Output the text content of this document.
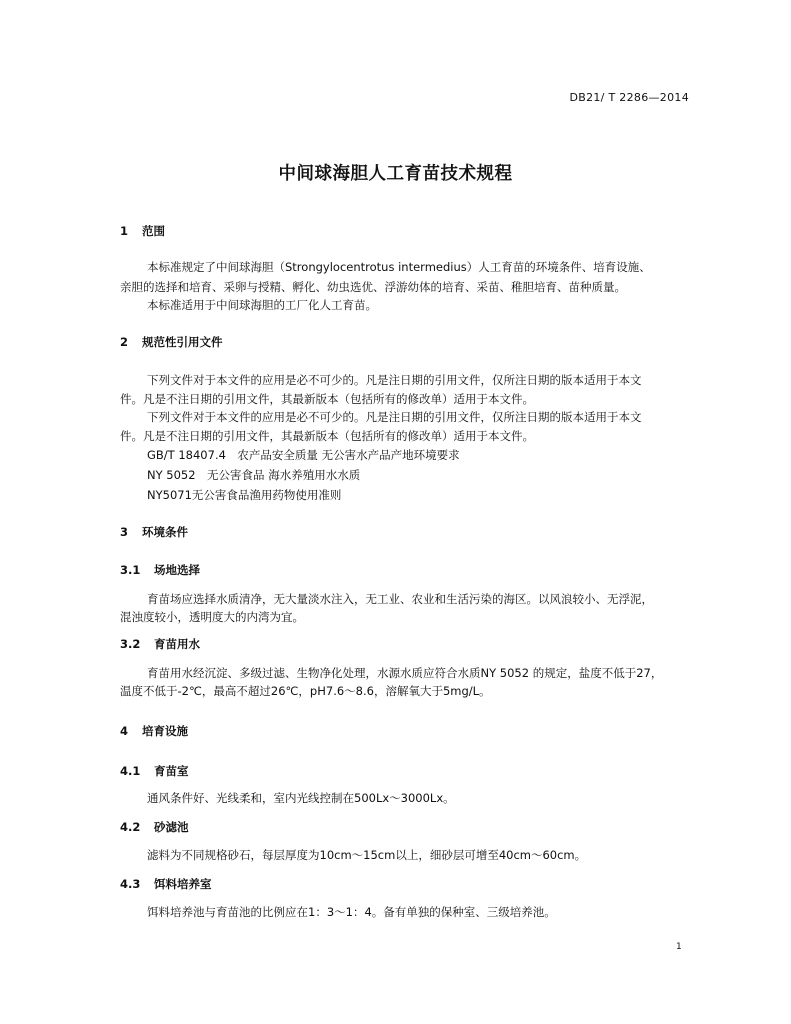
DB21/ T 2286—2014
中间球海胆人工育苗技术规程
1 范围
本标准规定了中间球海胆（Strongylocentrotus intermedius）人工育苗的环境条件、培育设施、
亲胆的选择和培育、采卵与授精、孵化、幼虫选优、浮游幼体的培育、采苗、稚胆培育、苗种质量。
本标准适用于中间球海胆的工厂化人工育苗。
2 规范性引用文件
下列文件对于本文件的应用是必不可少的。凡是注日期的引用文件，仅所注日期的版本适用于本文
件。凡是不注日期的引用文件，其最新版本（包括所有的修改单）适用于本文件。
下列文件对于本文件的应用是必不可少的。凡是注日期的引用文件，仅所注日期的版本适用于本文
件。凡是不注日期的引用文件，其最新版本（包括所有的修改单）适用于本文件。
GB/T 18407.4　农产品安全质量 无公害水产品产地环境要求
NY 5052　无公害食品 海水养殖用水水质
NY5071无公害食品渔用药物使用准则
3 环境条件
3.1 场地选择
育苗场应选择水质清净，无大量淡水注入，无工业、农业和生活污染的海区。以风浪较小、无浮泥，
混浊度较小，透明度大的内湾为宜。
3.2 育苗用水
育苗用水经沉淀、多级过滤、生物净化处理，水源水质应符合水质NY 5052 的规定，盐度不低于27，
温度不低于-2℃，最高不超过26℃，pH7.6～8.6，溶解氧大于5mg/L。
4 培育设施
4.1 育苗室
通风条件好、光线柔和，室内光线控制在500Lx～3000Lx。
4.2 砂滤池
滤料为不同规格砂石，每层厚度为10cm～15cm以上，细砂层可增至40cm～60cm。
4.3 饵料培养室
饵料培养池与育苗池的比例应在1：3～1：4。备有单独的保种室、三级培养池。
1
